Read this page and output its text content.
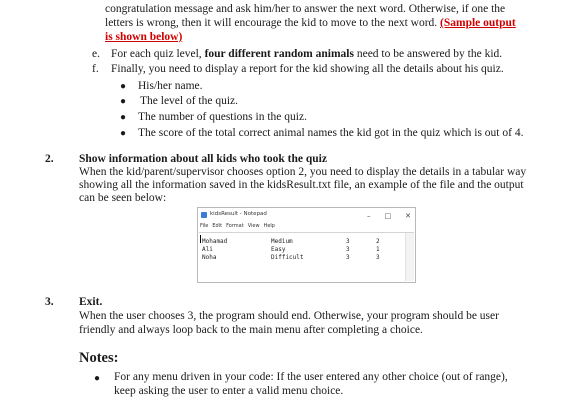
congratulation message and ask him/her to answer the next word. Otherwise, if one the
letters is wrong, then it will encourage the kid to move to the next word. (Sample output
is shown below)
e. For each quiz level, four different random animals need to be answered by the kid.
f. Finally, you need to display a report for the kid showing all the details about his quiz.
● His/her name.
● The level of the quiz.
● The number of questions in the quiz.
● The score of the total correct animal names the kid got in the quiz which is out of 4.
2. Show information about all kids who took the quiz
When the kid/parent/supervisor chooses option 2, you need to display the details in a tabular way
showing all the information saved in the kidsResult.txt file, an example of the file and the output
can be seen below:
kidsResult - Notepad	– □ ✕
File Edit Format View Help
Mohamad	Medium	3	2
Ali	Easy	3	1
Noha	Difficult	3	3
3. Exit.
When the user chooses 3, the program should end. Otherwise, your program should be user
friendly and always loop back to the main menu after completing a choice.
Notes:
● For any menu driven in your code: If the user entered any other choice (out of range),
keep asking the user to enter a valid menu choice.
